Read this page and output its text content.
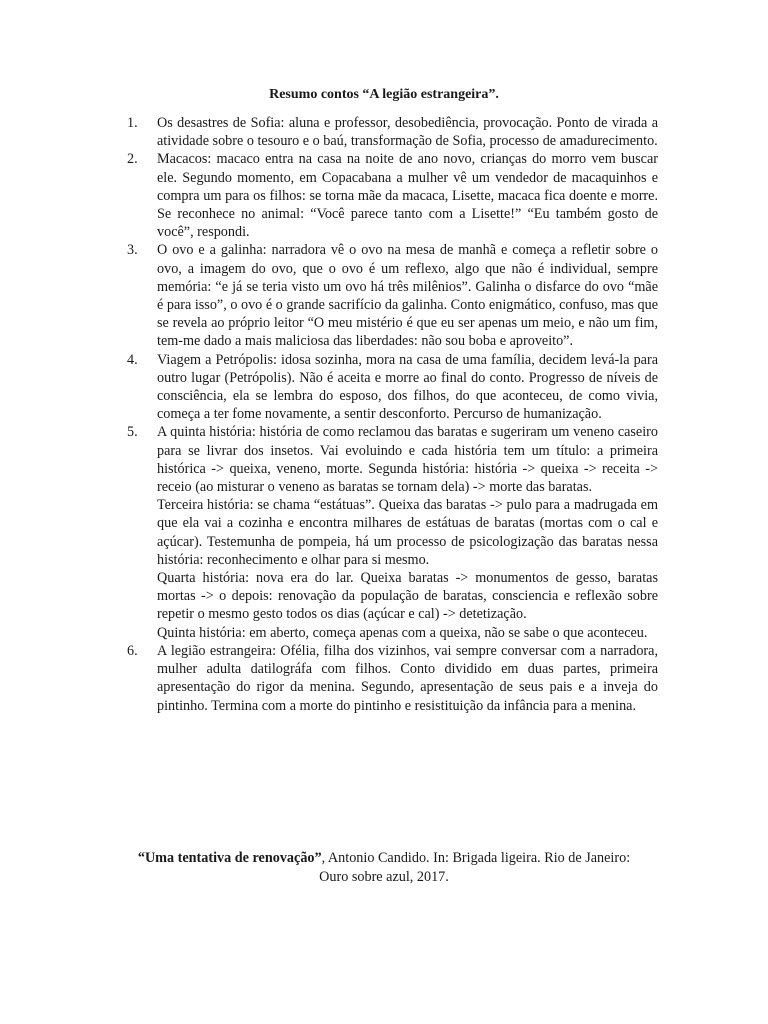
Resumo contos “A legião estrangeira”.
1.	Os desastres de Sofia: aluna e professor, desobediência, provocação. Ponto de virada a atividade sobre o tesouro e o baú, transformação de Sofia, processo de amadurecimento.
2.	Macacos: macaco entra na casa na noite de ano novo, crianças do morro vem buscar ele. Segundo momento, em Copacabana a mulher vê um vendedor de macaquinhos e compra um para os filhos: se torna mãe da macaca, Lisette, macaca fica doente e morre. Se reconhece no animal: “Você parece tanto com a Lisette!” “Eu também gosto de você”, respondi.
3.	O ovo e a galinha: narradora vê o ovo na mesa de manhã e começa a refletir sobre o ovo, a imagem do ovo, que o ovo é um reflexo, algo que não é individual, sempre memória: “e já se teria visto um ovo há três milênios”. Galinha o disfarce do ovo “mãe é para isso”, o ovo é o grande sacrifício da galinha. Conto enigmático, confuso, mas que se revela ao próprio leitor “O meu mistério é que eu ser apenas um meio, e não um fim, tem-me dado a mais maliciosa das liberdades: não sou boba e aproveito”.
4.	Viagem a Petrópolis: idosa sozinha, mora na casa de uma família, decidem levá-la para outro lugar (Petrópolis). Não é aceita e morre ao final do conto. Progresso de níveis de consciência, ela se lembra do esposo, dos filhos, do que aconteceu, de como vivia, começa a ter fome novamente, a sentir desconforto. Percurso de humanização.
5.	A quinta história: história de como reclamou das baratas e sugeriram um veneno caseiro para se livrar dos insetos. Vai evoluindo e cada história tem um título: a primeira histórica -> queixa, veneno, morte. Segunda história: história -> queixa -> receita -> receio (ao misturar o veneno as baratas se tornam dela) -> morte das baratas.
Terceira história: se chama “estátuas”. Queixa das baratas -> pulo para a madrugada em que ela vai a cozinha e encontra milhares de estátuas de baratas (mortas com o cal e açúcar). Testemunha de pompeia, há um processo de psicologização das baratas nessa história: reconhecimento e olhar para si mesmo.
Quarta história: nova era do lar. Queixa baratas -> monumentos de gesso, baratas mortas -> o depois: renovação da população de baratas, consciencia e reflexão sobre repetir o mesmo gesto todos os dias (açúcar e cal) -> detetização.
Quinta história: em aberto, começa apenas com a queixa, não se sabe o que aconteceu.
6.	A legião estrangeira: Ofélia, filha dos vizinhos, vai sempre conversar com a narradora, mulher adulta datilográfa com filhos. Conto dividido em duas partes, primeira apresentação do rigor da menina. Segundo, apresentação de seus pais e a inveja do pintinho. Termina com a morte do pintinho e resistituição da infância para a menina.
“Uma tentativa de renovação”, Antonio Candido. In: Brigada ligeira. Rio de Janeiro:
Ouro sobre azul, 2017.
